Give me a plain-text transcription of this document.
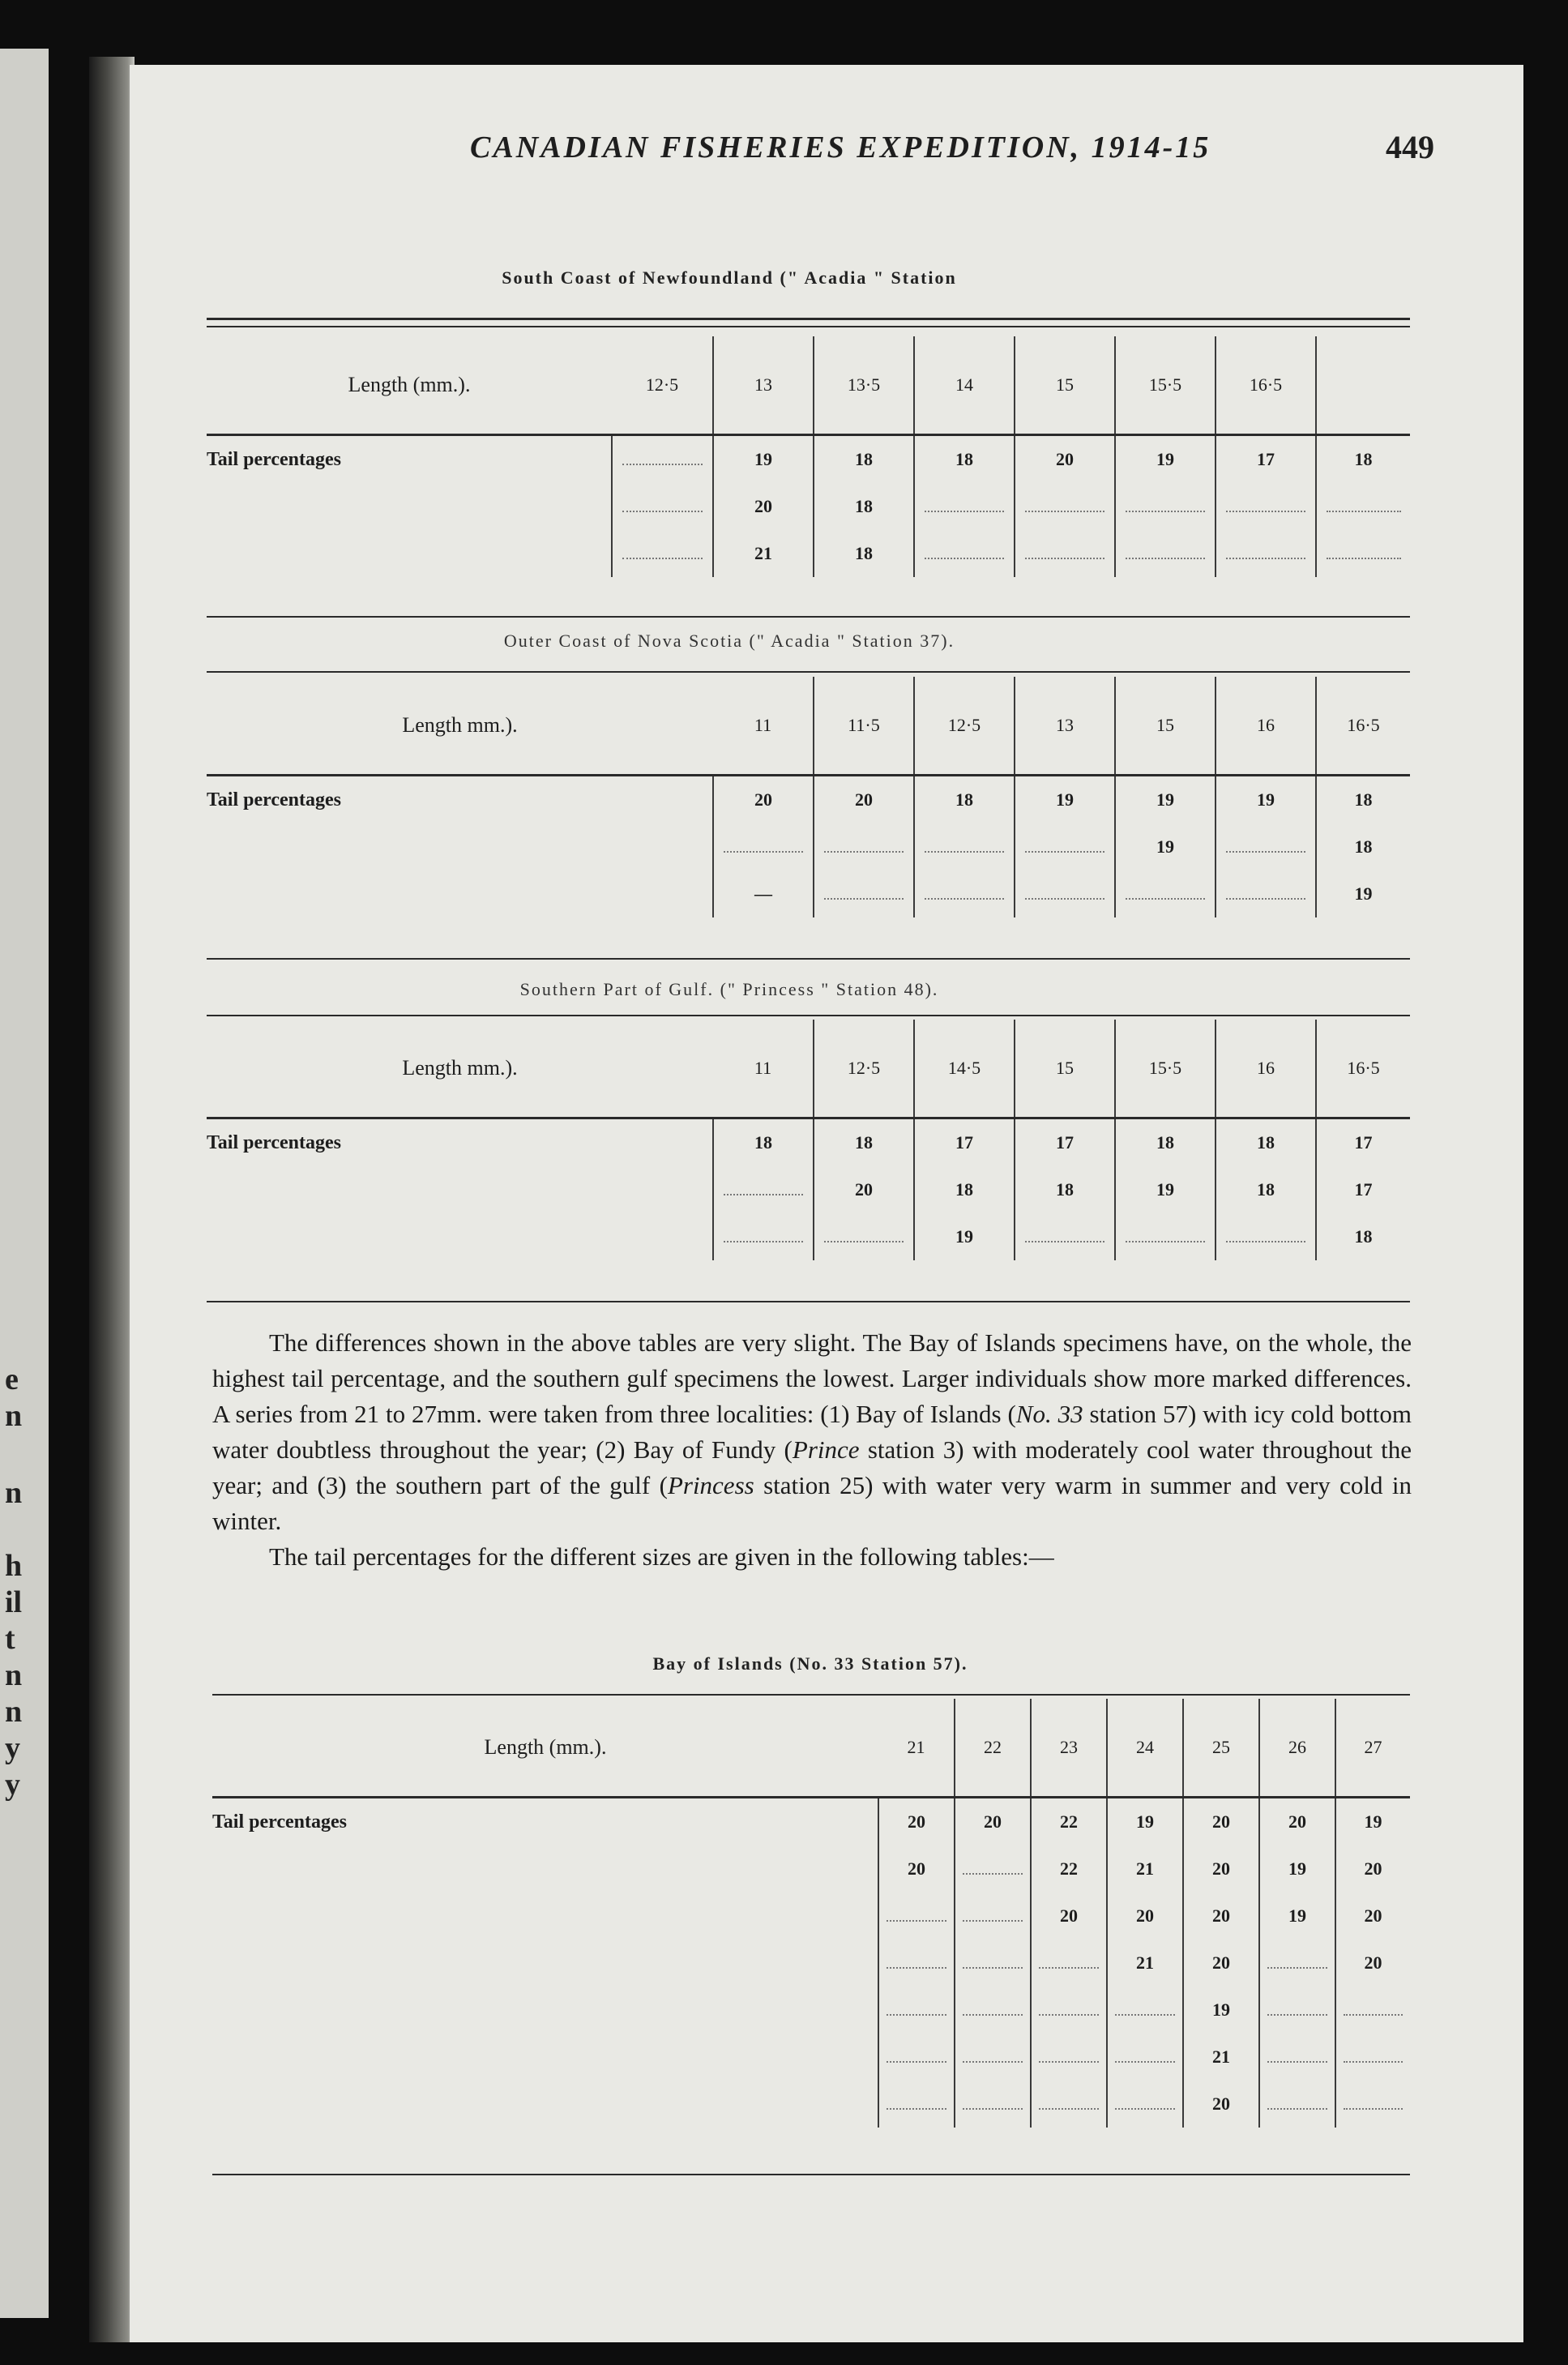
e
n
n
h
il
t
n
n
y
y
CANADIAN FISHERIES EXPEDITION, 1914-15	449
South Coast of Newfoundland (" Acadia " Station
Length (mm.).	12·5	13	13·5	14	15	15·5	16·5	
Tail percentages		19	18	18	20	19	17	18
		20	18					
		21	18					
Outer Coast of Nova Scotia (" Acadia " Station 37).
Length mm.).	11	11·5	12·5	13	15	16	16·5
Tail percentages	20	20	18	19	19	19	18
					19		18
	—						19
Southern Part of Gulf. (" Princess " Station 48).
Length mm.).	11	12·5	14·5	15	15·5	16	16·5
Tail percentages	18	18	17	17	18	18	17
		20	18	18	19	18	17
			19				18

The differences shown in the above tables are very slight. The Bay of Islands specimens have, on the whole, the highest tail percentage, and the southern gulf specimens the lowest. Larger individuals show more marked differences. A series from 21 to 27mm. were taken from three localities: (1) Bay of Islands (No. 33 station 57) with icy cold bottom water doubtless throughout the year; (2) Bay of Fundy (Prince station 3) with moderately cool water throughout the year; and (3) the southern part of the gulf (Princess station 25) with water very warm in summer and very cold in winter.

The tail percentages for the different sizes are given in the following tables:—

Bay of Islands (No. 33 Station 57).
Length (mm.).	21	22	23	24	25	26	27
Tail percentages	20	20	22	19	20	20	19
	20		22	21	20	19	20
			20	20	20	19	20
				21	20		20
					19		
					21		
					20		
